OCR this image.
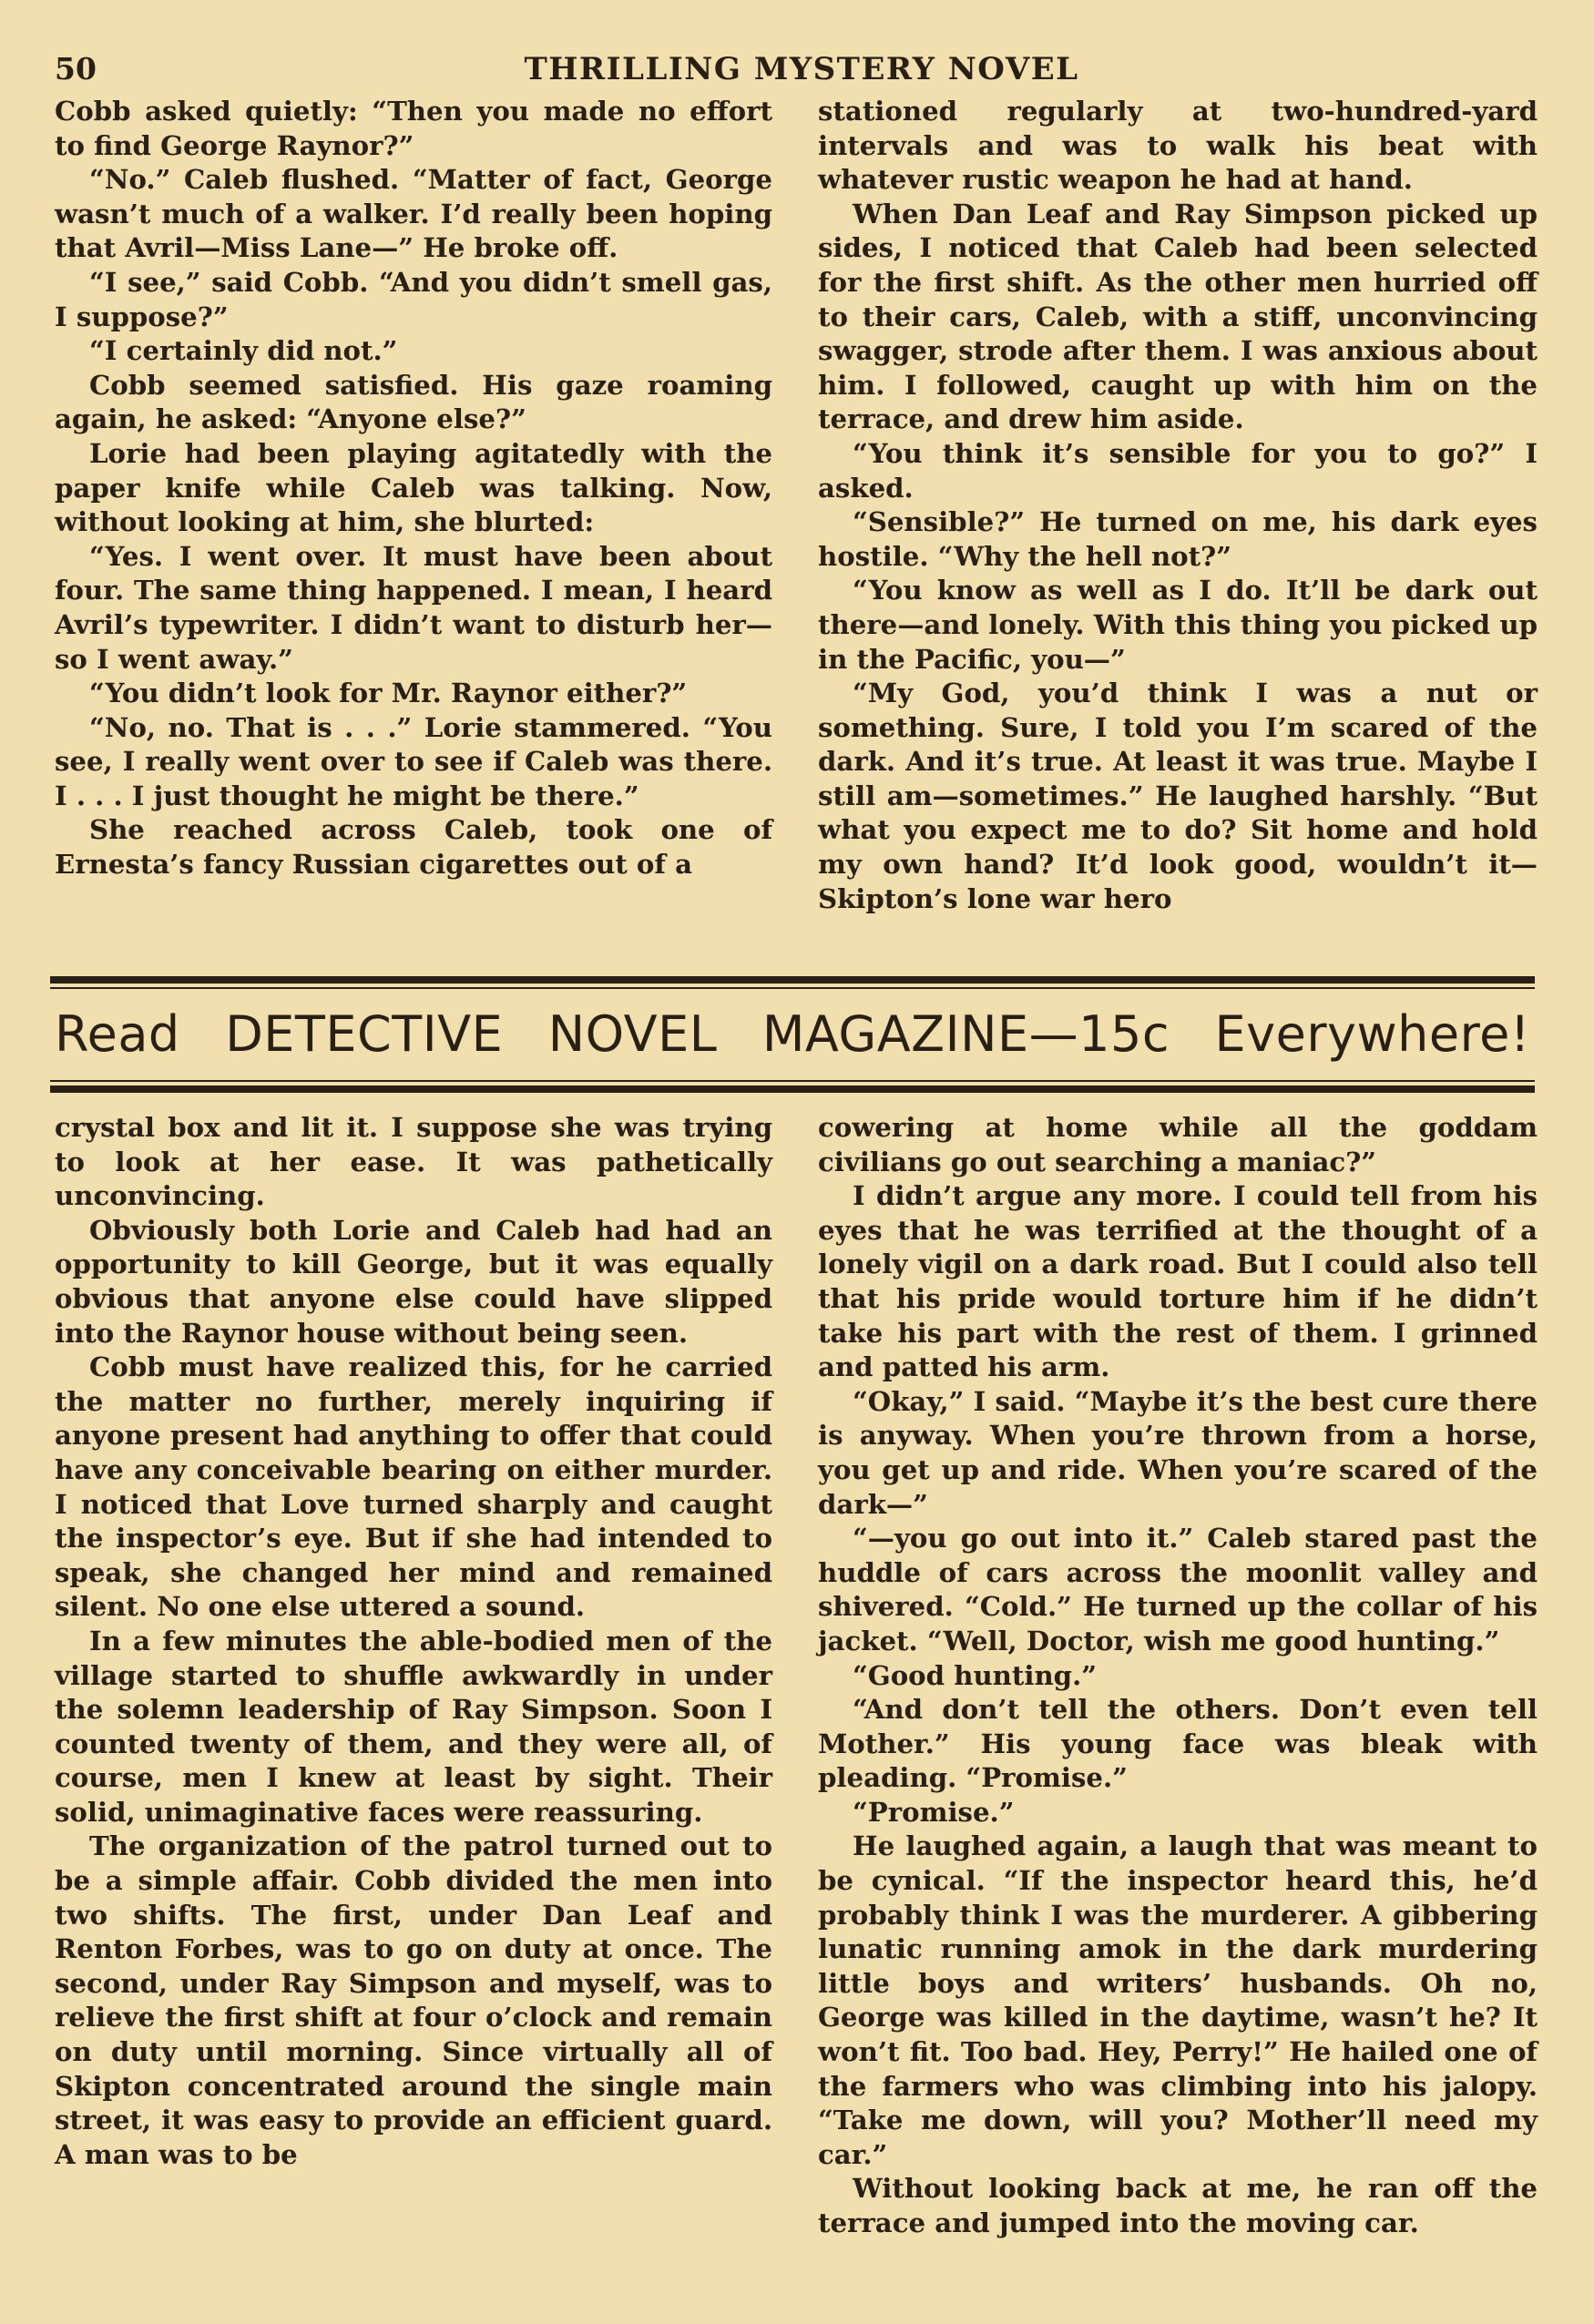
50	THRILLING MYSTERY NOVEL

Cobb asked quietly: “Then you made no effort to find George Raynor?”

“No.” Caleb flushed. “Matter of fact, George wasn’t much of a walker. I’d really been hoping that Avril—Miss Lane—” He broke off.

“I see,” said Cobb. “And you didn’t smell gas, I suppose?”

“I certainly did not.”

Cobb seemed satisfied. His gaze roaming again, he asked: “Anyone else?”

Lorie had been playing agitatedly with the paper knife while Caleb was talking. Now, without looking at him, she blurted:

“Yes. I went over. It must have been about four. The same thing happened. I mean, I heard Avril’s typewriter. I didn’t want to disturb her—so I went away.”

“You didn’t look for Mr. Raynor either?”

“No, no. That is . . .” Lorie stammered. “You see, I really went over to see if Caleb was there. I . . . I just thought he might be there.”

She reached across Caleb, took one of Ernesta’s fancy Russian cigarettes out of a

stationed regularly at two-hundred-yard intervals and was to walk his beat with whatever rustic weapon he had at hand.

When Dan Leaf and Ray Simpson picked up sides, I noticed that Caleb had been selected for the first shift. As the other men hurried off to their cars, Caleb, with a stiff, unconvincing swagger, strode after them. I was anxious about him. I followed, caught up with him on the terrace, and drew him aside.

“You think it’s sensible for you to go?” I asked.

“Sensible?” He turned on me, his dark eyes hostile. “Why the hell not?”

“You know as well as I do. It’ll be dark out there—and lonely. With this thing you picked up in the Pacific, you—”

“My God, you’d think I was a nut or something. Sure, I told you I’m scared of the dark. And it’s true. At least it was true. Maybe I still am—sometimes.” He laughed harshly. “But what you expect me to do? Sit home and hold my own hand? It’d look good, wouldn’t it—Skipton’s lone war hero

Read DETECTIVE NOVEL MAGAZINE—15c Everywhere!

crystal box and lit it. I suppose she was trying to look at her ease. It was pathetically unconvincing.

Obviously both Lorie and Caleb had had an opportunity to kill George, but it was equally obvious that anyone else could have slipped into the Raynor house without being seen.

Cobb must have realized this, for he carried the matter no further, merely inquiring if anyone present had anything to offer that could have any conceivable bearing on either murder. I noticed that Love turned sharply and caught the inspector’s eye. But if she had intended to speak, she changed her mind and remained silent. No one else uttered a sound.

In a few minutes the able-bodied men of the village started to shuffle awkwardly in under the solemn leadership of Ray Simpson. Soon I counted twenty of them, and they were all, of course, men I knew at least by sight. Their solid, unimaginative faces were reassuring.

The organization of the patrol turned out to be a simple affair. Cobb divided the men into two shifts. The first, under Dan Leaf and Renton Forbes, was to go on duty at once. The second, under Ray Simpson and myself, was to relieve the first shift at four o’clock and remain on duty until morning. Since virtually all of Skipton concentrated around the single main street, it was easy to provide an efficient guard. A man was to be

cowering at home while all the goddam civilians go out searching a maniac?”

I didn’t argue any more. I could tell from his eyes that he was terrified at the thought of a lonely vigil on a dark road. But I could also tell that his pride would torture him if he didn’t take his part with the rest of them. I grinned and patted his arm.

“Okay,” I said. “Maybe it’s the best cure there is anyway. When you’re thrown from a horse, you get up and ride. When you’re scared of the dark—”

“—you go out into it.” Caleb stared past the huddle of cars across the moonlit valley and shivered. “Cold.” He turned up the collar of his jacket. “Well, Doctor, wish me good hunting.”

“Good hunting.”

“And don’t tell the others. Don’t even tell Mother.” His young face was bleak with pleading. “Promise.”

“Promise.”

He laughed again, a laugh that was meant to be cynical. “If the inspector heard this, he’d probably think I was the murderer. A gibbering lunatic running amok in the dark murdering little boys and writers’ husbands. Oh no, George was killed in the daytime, wasn’t he? It won’t fit. Too bad. Hey, Perry!” He hailed one of the farmers who was climbing into his jalopy. “Take me down, will you? Mother’ll need my car.”

Without looking back at me, he ran off the terrace and jumped into the moving car.
